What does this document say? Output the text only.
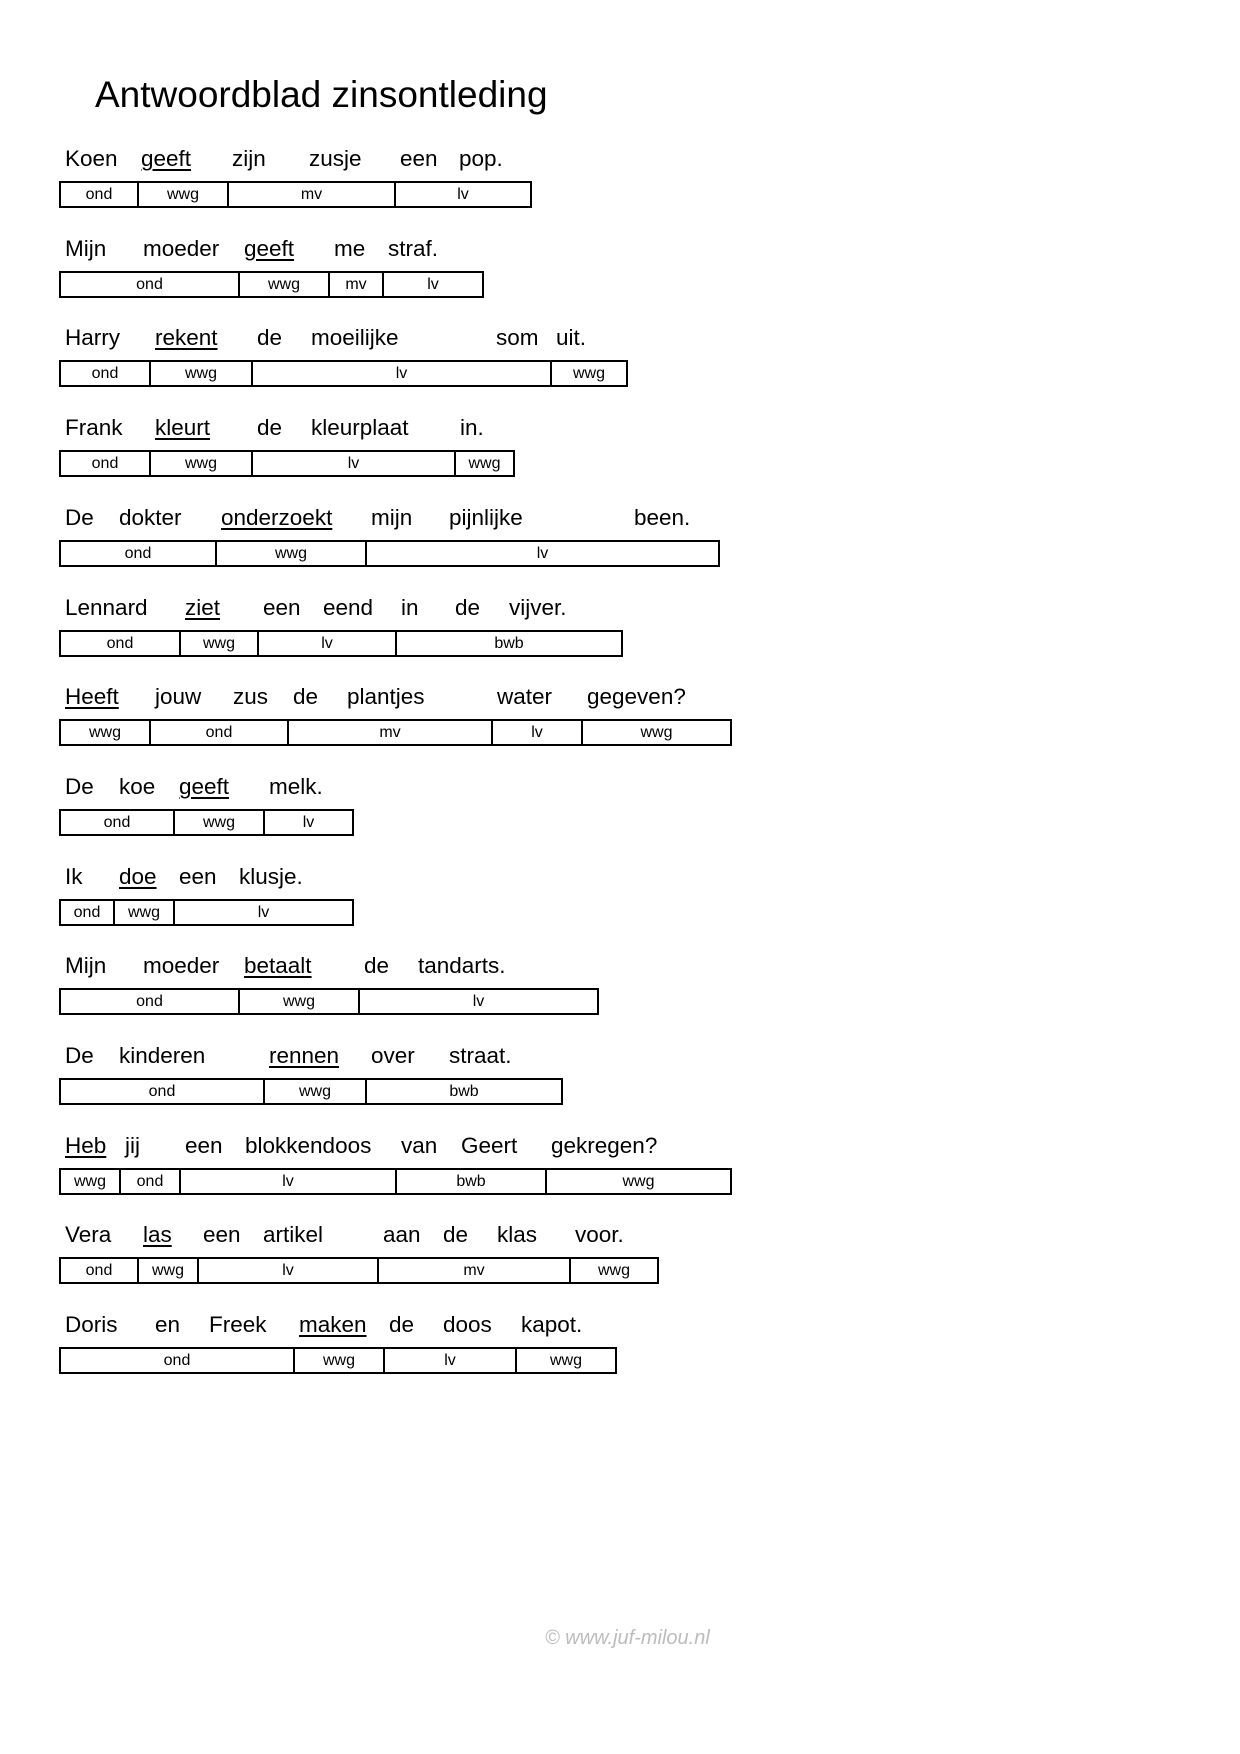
Antwoordblad zinsontleding
Koen geeft zijn zusje een pop.
ond	wwg	mv	lv
Mijn moeder geeft me straf.
ond	wwg	mv	lv
Harry rekent de moeilijke	som uit.
ond	wwg	lv	wwg
Frank kleurt de kleurplaat in.
ond	wwg	lv	wwg
De dokter onderzoekt mijn pijnlijke	been.
ond	wwg	lv
Lennard ziet een eend in de vijver.
ond	wwg	lv	bwb
Heeft jouw zus de plantjes	water gegeven?
wwg	ond	mv	lv	wwg
De koe geeft melk.
ond	wwg	lv
Ik doe een klusje.
ond	wwg	lv
Mijn moeder betaalt de tandarts.
ond	wwg	lv
De kinderen	rennen over straat.
ond	wwg	bwb
Heb jij een blokkendoos van Geert gekregen?
wwg	ond	lv	bwb	wwg
Vera las een artikel	aan de klas voor.
ond	wwg	lv	mv	wwg
Doris en Freek maken de doos kapot.
ond	wwg	lv	wwg
© www.juf-milou.nl
